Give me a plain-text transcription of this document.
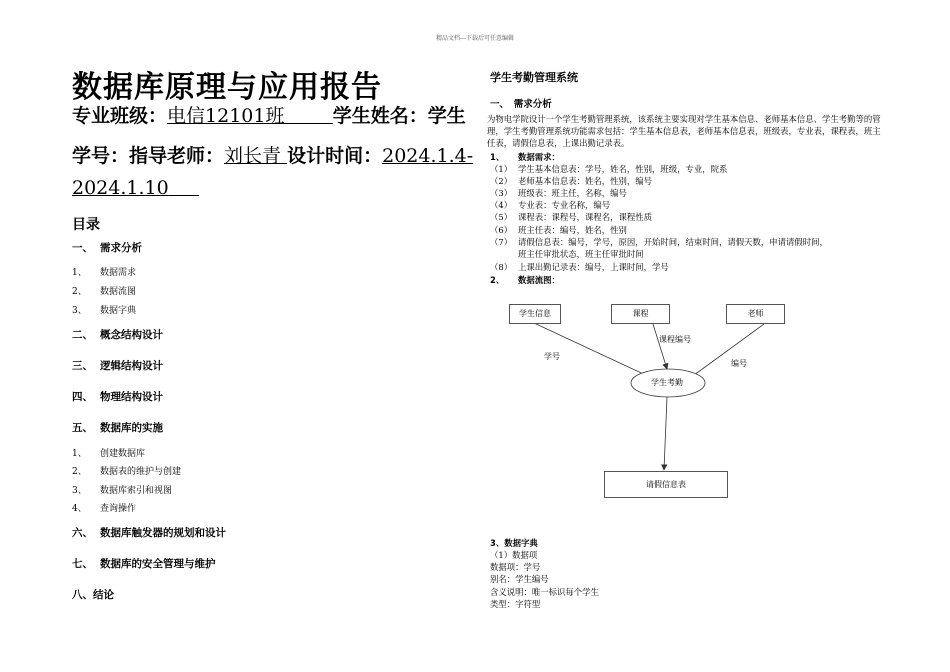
精品文档---下载后可任意编辑
数据库原理与应用报告
专业班级：电信12101班	学生姓名：学生
学号：指导老师：刘长青 设计时间：2024.1.4-
2024.1.10
目录
一、 需求分析
1、 数据需求
2、 数据流图
3、 数据字典
二、 概念结构设计
三、 逻辑结构设计
四、 物理结构设计
五、 数据库的实施
1、 创建数据库
2、 数据表的维护与创建
3、 数据库索引和视图
4、 查询操作
六、 数据库触发器的规划和设计
七、 数据库的安全管理与维护
八、结论
学生考勤管理系统
一、　需求分析
为物电学院设计一个学生考勤管理系统，该系统主要实现对学生基本信息、老师基本信息、学生考勤等的管理，学生考勤管理系统功能需求包括：学生基本信息表，老师基本信息表，班级表，专业表，课程表，班主任表，请假信息表，上课出勤记录表。
1、 数据需求：
（1） 学生基本信息表：学号，姓名，性别，班级，专业，院系
（2） 老师基本信息表：姓名，性别，编号
（3） 班级表：班主任，名称，编号
（4） 专业表：专业名称，编号
（5） 课程表：课程号，课程名，课程性质
（6） 班主任表：编号，姓名，性别
（7） 请假信息表：编号，学号，原因，开始时间，结束时间，请假天数，申请请假时间，
班主任审批状态，班主任审批时间
（8） 上课出勤记录表：编号，上课时间，学号
2、 数据流图：
学生信息	课程	老师
学生考勤
请假信息表
学号
课程编号
编号
3、数据字典
（1）数据项
数据项：学号
别名：学生编号
含义说明：唯一标识每个学生
类型：字符型
